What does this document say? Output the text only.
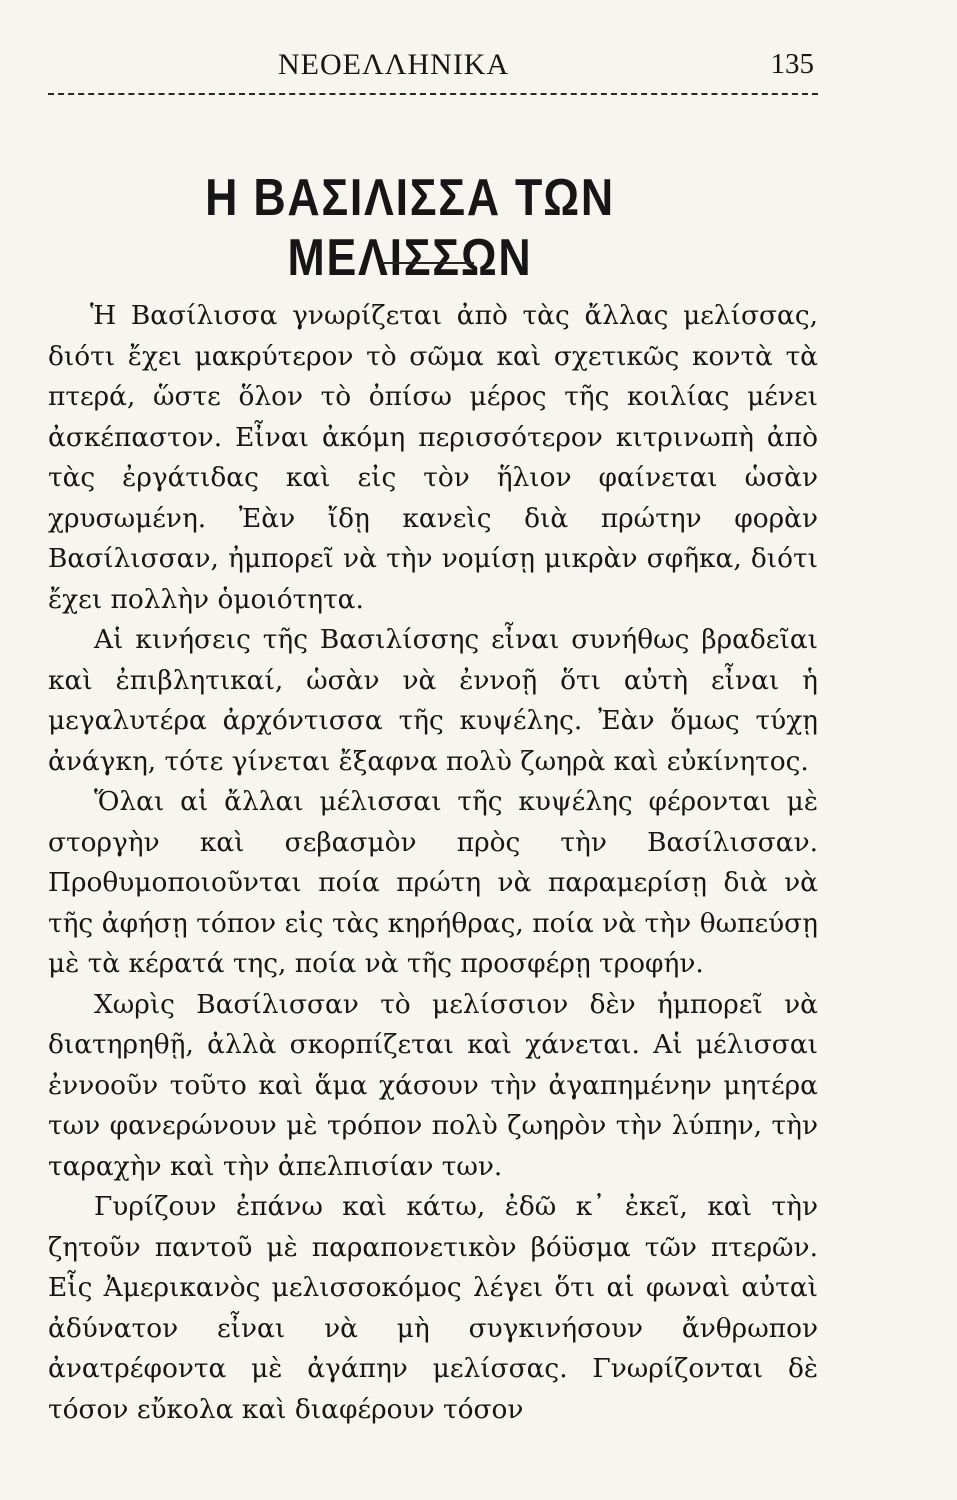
ΝΕΟΕΛΛΗΝΙΚΑ	135
Η ΒΑΣΙΛΙΣΣΑ ΤΩΝ ΜΕΛΙΣΣΩΝ

Ἡ Βασίλισσα γνωρίζεται ἀπὸ τὰς ἄλλας μελίσσας, διότι ἔχει μακρύτερον τὸ σῶμα καὶ σχετικῶς κοντὰ τὰ πτερά, ὥστε ὅλον τὸ ὀπίσω μέρος τῆς κοιλίας μένει ἀσκέπαστον. Εἶναι ἀκόμη περισσότερον κιτρινωπὴ ἀπὸ τὰς ἐργάτιδας καὶ εἰς τὸν ἥλιον φαίνεται ὡσὰν χρυσωμένη. Ἐὰν ἴδῃ κανεὶς διὰ πρώτην φορὰν Βασίλισσαν, ἠμπορεῖ νὰ τὴν νομίσῃ μικρὰν σφῆκα, διότι ἔχει πολλὴν ὁμοιότητα.

Αἱ κινήσεις τῆς Βασιλίσσης εἶναι συνήθως βραδεῖαι καὶ ἐπιβλητικαί, ὡσὰν νὰ ἐννοῇ ὅτι αὐτὴ εἶναι ἡ μεγαλυτέρα ἀρχόντισσα τῆς κυψέλης. Ἐὰν ὅμως τύχῃ ἀνάγκη, τότε γίνεται ἔξαφνα πολὺ ζωηρὰ καὶ εὐκίνητος.

Ὅλαι αἱ ἄλλαι μέλισσαι τῆς κυψέλης φέρονται μὲ στοργὴν καὶ σεβασμὸν πρὸς τὴν Βασίλισσαν. Προθυμοποιοῦνται ποία πρώτη νὰ παραμερίσῃ διὰ νὰ τῆς ἀφήσῃ τόπον εἰς τὰς κηρήθρας, ποία νὰ τὴν θωπεύσῃ μὲ τὰ κέρατά της, ποία νὰ τῆς προσφέρῃ τροφήν.

Χωρὶς Βασίλισσαν τὸ μελίσσιον δὲν ἠμπορεῖ νὰ διατηρηθῇ, ἀλλὰ σκορπίζεται καὶ χάνεται. Αἱ μέλισσαι ἐννοοῦν τοῦτο καὶ ἅμα χάσουν τὴν ἀγαπημένην μητέρα των φανερώνουν μὲ τρόπον πολὺ ζωηρὸν τὴν λύπην, τὴν ταραχὴν καὶ τὴν ἀπελπισίαν των.

Γυρίζουν ἐπάνω καὶ κάτω, ἐδῶ κ᾽ ἐκεῖ, καὶ τὴν ζητοῦν παντοῦ μὲ παραπονετικὸν βόϋσμα τῶν πτερῶν. Εἷς Ἀμερικανὸς μελισσοκόμος λέγει ὅτι αἱ φωναὶ αὐταὶ ἀδύνατον εἶναι νὰ μὴ συγκινήσουν ἄνθρωπον ἀνατρέφοντα μὲ ἀγάπην μελίσσας. Γνωρίζονται δὲ τόσον εὔκολα καὶ διαφέρουν τόσον
